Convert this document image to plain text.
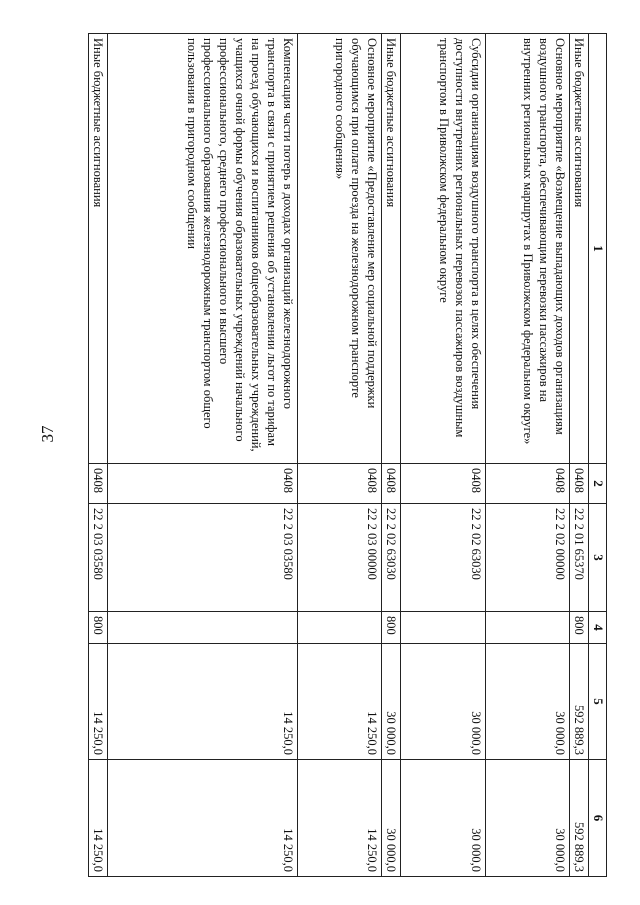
37
1	2	3	4	5	6
Иные бюджетные ассигнования	0408	22 2 01 65370	800	592 889,3	592 889,3
Основное мероприятие «Возмещение выпадающих доходов организациям воздушного транспорта, обеспечивающим перевозки пассажиров на внутренних региональных маршрутах в Приволжском федеральном округе»	0408	22 2 02 00000		30 000,0	30 000,0
Субсидии организациям воздушного транспорта в целях обеспечения доступности внутренних региональных перевозок пассажиров воздушным транспортом в Приволжском федеральном округе	0408	22 2 02 63030		30 000,0	30 000,0
Иные бюджетные ассигнования	0408	22 2 02 63030	800	30 000,0	30 000,0
Основное мероприятие «Предоставление мер социальной поддержки обучающимся при оплате проезда на железнодорожном транспорте пригородного сообщения»	0408	22 2 03 00000		14 250,0	14 250,0
Компенсация части потерь в доходах организаций железнодорожного транспорта в связи с принятием решения об установлении льгот по тарифам на проезд обучающихся и воспитанников общеобразовательных учреждений, учащихся очной формы обучения образовательных учреждений начального профессионального, среднего профессионального и высшего профессионального образования железнодорожным транспортом общего пользования в пригородном сообщении	0408	22 2 03 03580		14 250,0	14 250,0
Иные бюджетные ассигнования	0408	22 2 03 03580	800	14 250,0	14 250,0
